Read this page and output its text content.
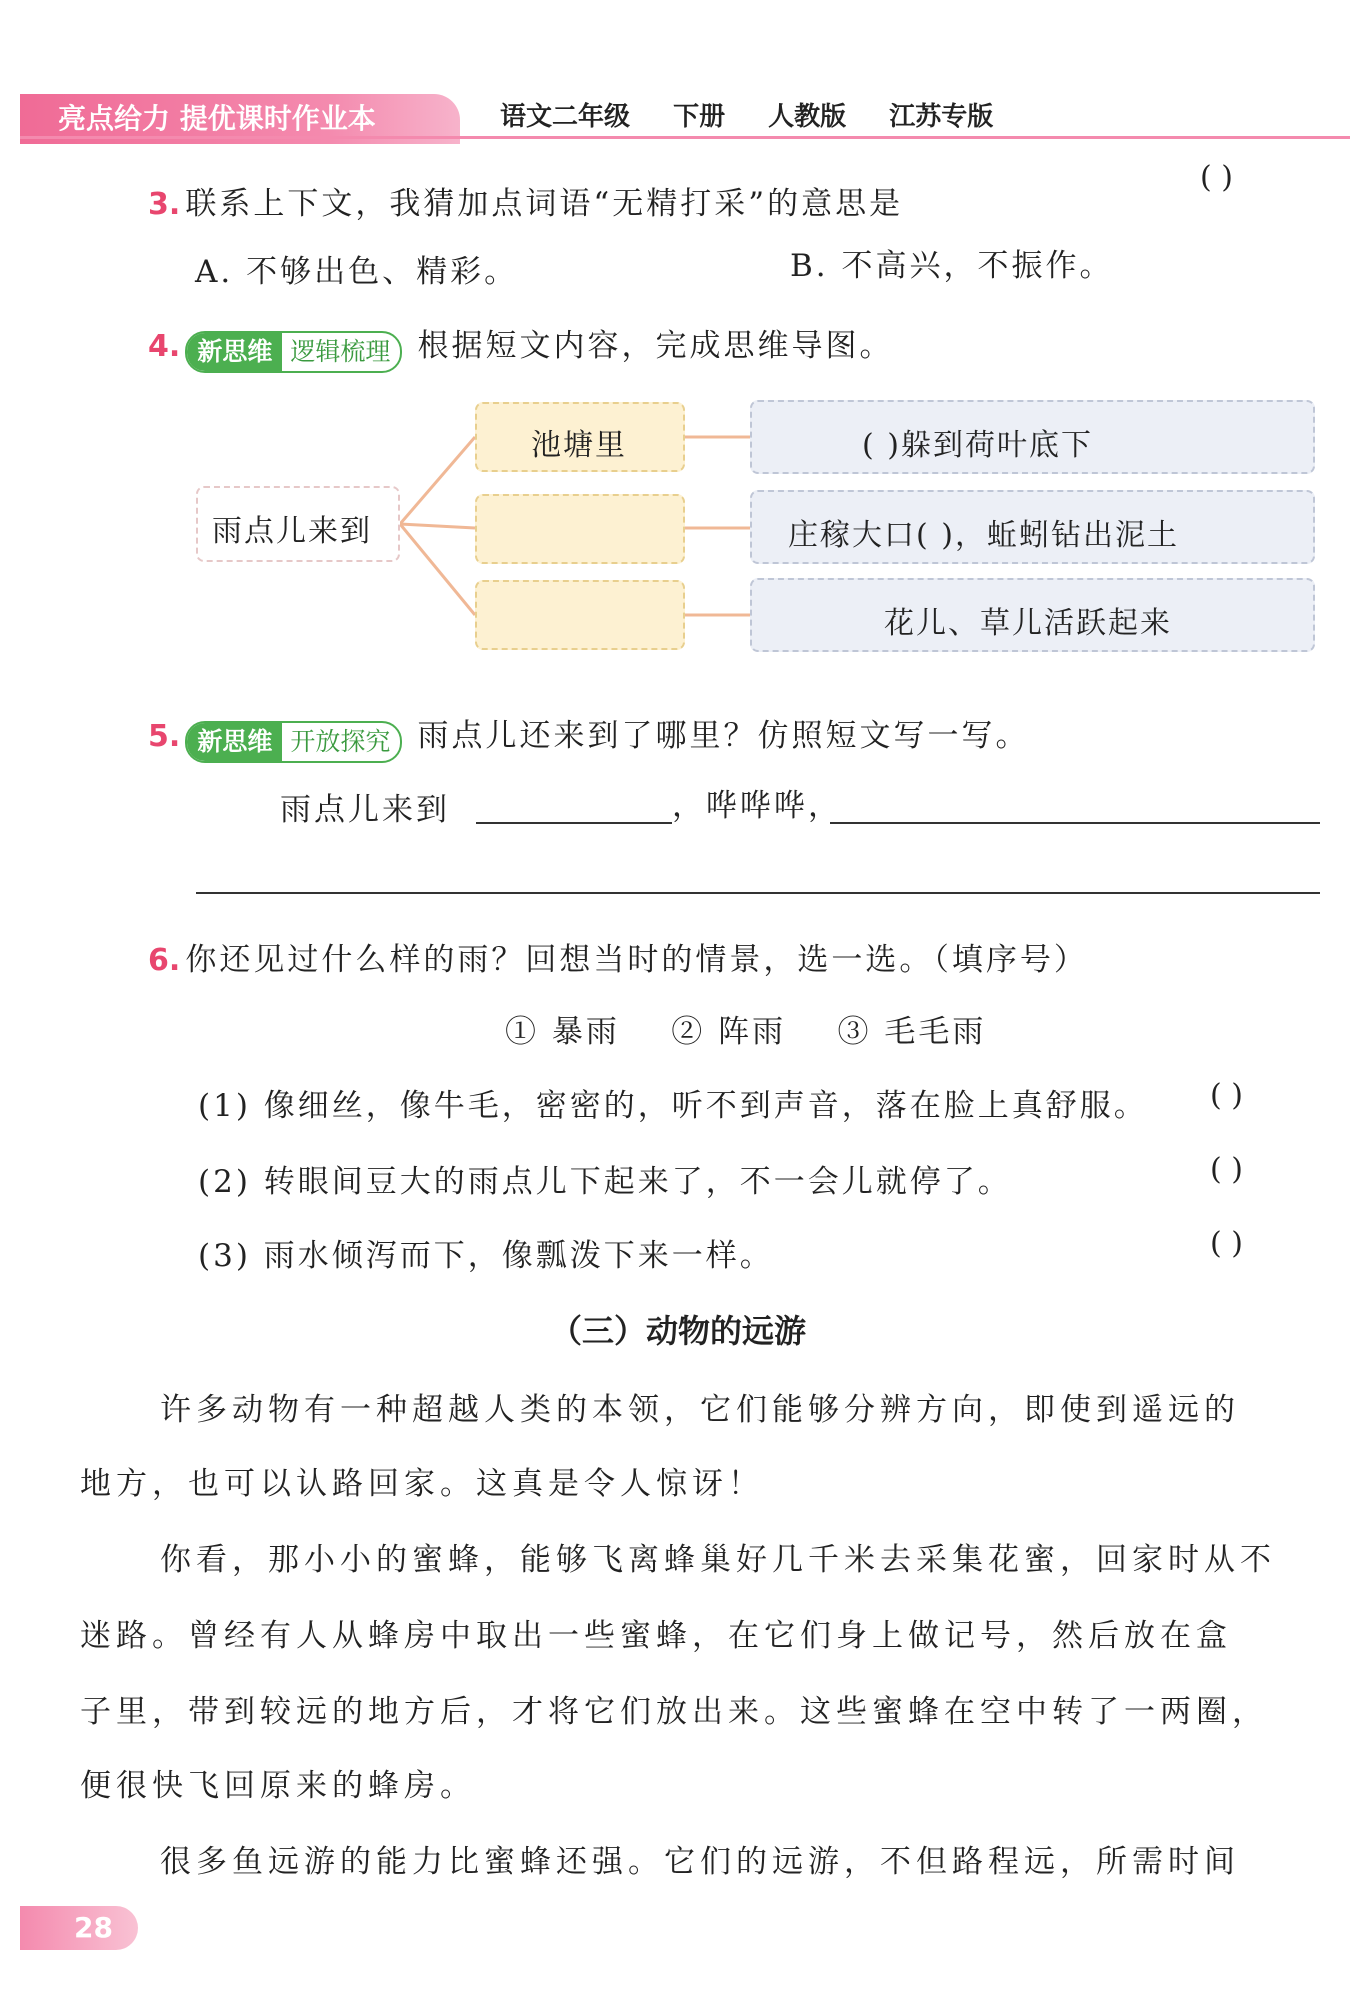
亮点给力 提优课时作业本	语文二年级 下册 人教版 江苏专版
3. 联系上下文，我猜加点词语“无精打采”的意思是
( )
A. 不够出色、精彩。	B. 不高兴，不振作。
4. 新思维 逻辑梳理 根据短文内容，完成思维导图。
雨点儿来到
池塘里	( )躲到荷叶底下
庄稼大口( )，蚯蚓钻出泥土
花儿、草儿活跃起来
5. 新思维 开放探究 雨点儿还来到了哪里？仿照短文写一写。
雨点儿来到	，哗哗哗，
6. 你还见过什么样的雨？回想当时的情景，选一选。（填序号）
① 暴雨    ② 阵雨    ③ 毛毛雨
(1) 像细丝，像牛毛，密密的，听不到声音，落在脸上真舒服。 ( )
(2) 转眼间豆大的雨点儿下起来了，不一会儿就停了。	( )
(3) 雨水倾泻而下，像瓢泼下来一样。	( )
（三）动物的远游
许多动物有一种超越人类的本领，它们能够分辨方向，即使到遥远的
地方，也可以认路回家。这真是令人惊讶！
你看，那小小的蜜蜂，能够飞离蜂巢好几千米去采集花蜜，回家时从不
迷路。曾经有人从蜂房中取出一些蜜蜂，在它们身上做记号，然后放在盒
子里，带到较远的地方后，才将它们放出来。这些蜜蜂在空中转了一两圈，
便很快飞回原来的蜂房。
很多鱼远游的能力比蜜蜂还强。它们的远游，不但路程远，所需时间
28
